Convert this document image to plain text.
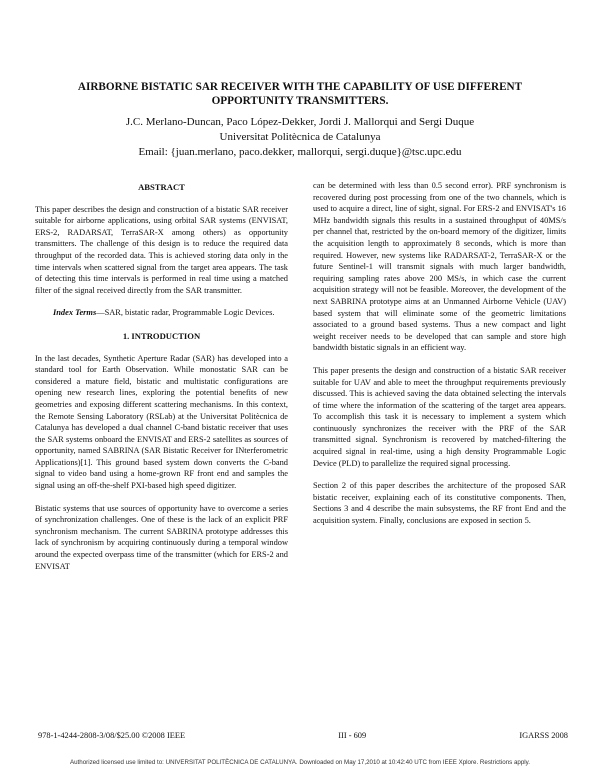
AIRBORNE BISTATIC SAR RECEIVER WITH THE CAPABILITY OF USE DIFFERENT OPPORTUNITY TRANSMITTERS.
J.C. Merlano-Duncan, Paco López-Dekker, Jordi J. Mallorqui and Sergi Duque
Universitat Politècnica de Catalunya
Email: {juan.merlano, paco.dekker, mallorqui, sergi.duque}@tsc.upc.edu
ABSTRACT

This paper describes the design and construction of a bistatic SAR receiver suitable for airborne applications, using orbital SAR systems (ENVISAT, ERS-2, RADARSAT, TerraSAR-X among others) as opportunity transmitters. The challenge of this design is to reduce the required data throughput of the recorded data. This is achieved storing data only in the time intervals when scattered signal from the target area appears. The task of detecting this time intervals is performed in real time using a matched filter of the signal received directly from the SAR transmitter.

Index Terms—SAR, bistatic radar, Programmable Logic Devices.

1. INTRODUCTION

In the last decades, Synthetic Aperture Radar (SAR) has developed into a standard tool for Earth Observation. While monostatic SAR can be considered a mature field, bistatic and multistatic configurations are opening new research lines, exploring the potential benefits of new geometries and exposing different scattering mechanisms. In this context, the Remote Sensing Laboratory (RSLab) at the Universitat Politècnica de Catalunya has developed a dual channel C-band bistatic receiver that uses the SAR systems onboard the ENVISAT and ERS-2 satellites as sources of opportunity, named SABRINA (SAR Bistatic Receiver for INterferometric Applications)[1]. This ground based system down converts the C-band signal to video band using a home-grown RF front end and samples the signal using an off-the-shelf PXI-based high speed digitizer.

Bistatic systems that use sources of opportunity have to overcome a series of synchronization challenges. One of these is the lack of an explicit PRF synchronism mechanism. The current SABRINA prototype addresses this lack of synchronism by acquiring continuously during a temporal window around the expected overpass time of the transmitter (which for ERS-2 and ENVISAT

can be determined with less than 0.5 second error). PRF synchronism is recovered during post processing from one of the two channels, which is used to acquire a direct, line of sight, signal. For ERS-2 and ENVISAT's 16 MHz bandwidth signals this results in a sustained throughput of 40MS/s per channel that, restricted by the on-board memory of the digitizer, limits the acquisition length to approximately 8 seconds, which is more than required. However, new systems like RADARSAT-2, TerraSAR-X or the future Sentinel-1 will transmit signals with much larger bandwidth, requiring sampling rates above 200 MS/s, in which case the current acquisition strategy will not be feasible. Moreover, the development of the next SABRINA prototype aims at an Unmanned Airborne Vehicle (UAV) based system that will eliminate some of the geometric limitations associated to a ground based systems. Thus a new compact and light weight receiver needs to be developed that can sample and store high bandwidth bistatic signals in an efficient way.

This paper presents the design and construction of a bistatic SAR receiver suitable for UAV and able to meet the throughput requirements previously discussed. This is achieved saving the data obtained selecting the intervals of time where the information of the scattering of the target area appears. To accomplish this task it is necessary to implement a system which continuously synchronizes the receiver with the PRF of the SAR transmitted signal. Synchronism is recovered by matched-filtering the acquired signal in real-time, using a high density Programmable Logic Device (PLD) to parallelize the required signal processing.

Section 2 of this paper describes the architecture of the proposed SAR bistatic receiver, explaining each of its constitutive components. Then, Sections 3 and 4 describe the main subsystems, the RF front End and the acquisition system. Finally, conclusions are exposed in section 5.

978-1-4244-2808-3/08/$25.00 ©2008 IEEE	III - 609	IGARSS 2008
Authorized licensed use limited to: UNIVERSITAT POLITÈCNICA DE CATALUNYA. Downloaded on May 17,2010 at 10:42:40 UTC from IEEE Xplore. Restrictions apply.
